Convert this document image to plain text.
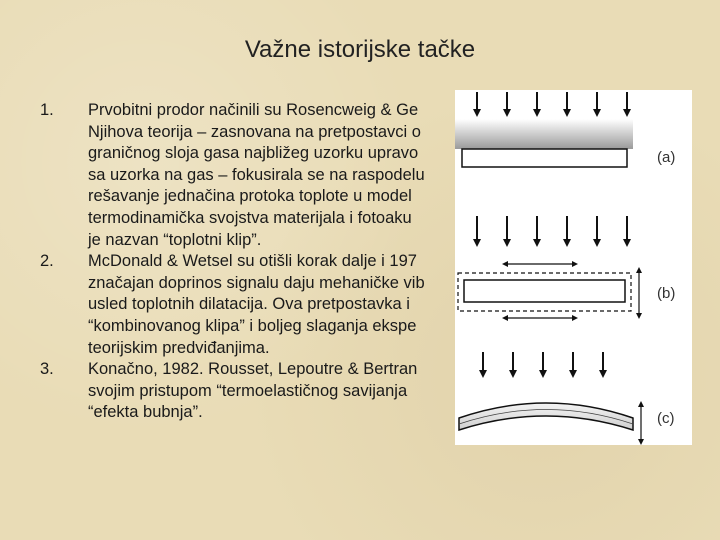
Važne istorijske tačke
1. Prvobitni prodor načinili su Rosencweig & Ge
Njihova teorija – zasnovana na pretpostavci o
graničnog sloja gasa najbližeg uzorku upravo
sa uzorka na gas – fokusirala se na raspodelu
rešavanje jednačina protoka toplote u model
termodinamička svojstva materijala i fotoaku
je nazvan “toplotni klip”.
2. McDonald & Wetsel su otišli korak dalje i 197
značajan doprinos signalu daju mehaničke vib
usled toplotnih dilatacija. Ova pretpostavka i
“kombinovanog klipa” i boljeg slaganja ekspe
teorijskim predviđanjima.
3. Konačno, 1982. Rousset, Lepoutre & Bertran
svojim pristupom “termoelastičnog savijanja
“efekta bubnja”.
(a)
(b)
(c)
